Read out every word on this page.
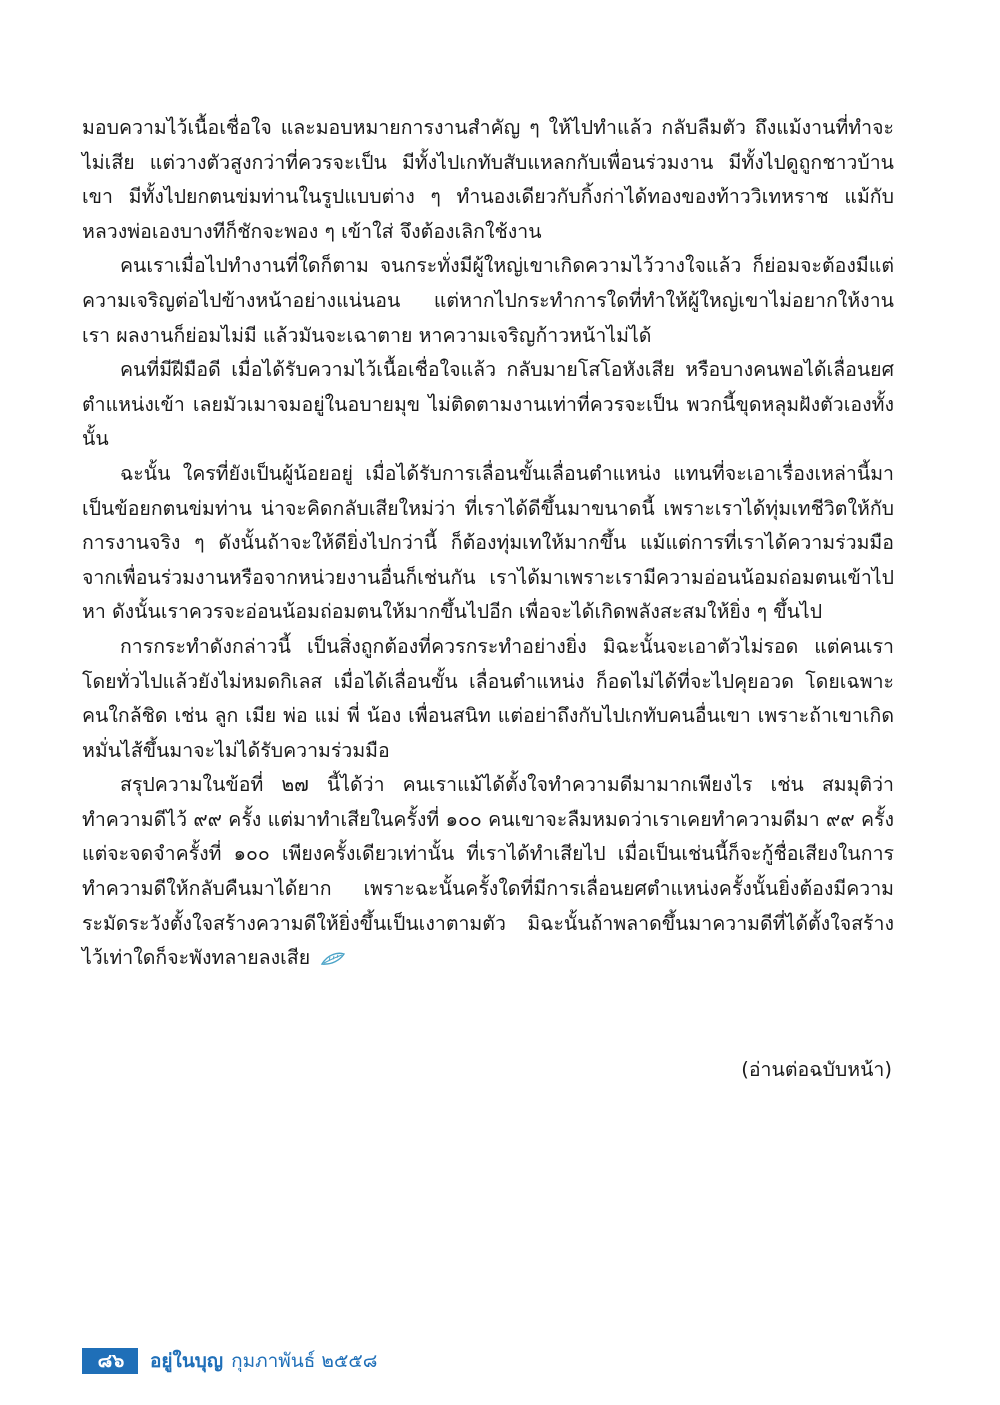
มอบความไว้เนื้อเชื่อใจ และมอบหมายการงานสำคัญ ๆ ให้ไปทำแล้ว กลับลืมตัว ถึงแม้งานที่ทำจะไม่เสีย แต่วางตัวสูงกว่าที่ควรจะเป็น มีทั้งไปเกทับสับแหลกกับเพื่อนร่วมงาน มีทั้งไปดูถูกชาวบ้านเขา มีทั้งไปยกตนข่มท่านในรูปแบบต่าง ๆ ทำนองเดียวกับกิ้งก่าได้ทองของท้าววิเทหราช แม้กับหลวงพ่อเองบางทีก็ชักจะพอง ๆ เข้าใส่ จึงต้องเลิกใช้งาน

คนเราเมื่อไปทำงานที่ใดก็ตาม จนกระทั่งมีผู้ใหญ่เขาเกิดความไว้วางใจแล้ว ก็ย่อมจะต้องมีแต่ความเจริญต่อไปข้างหน้าอย่างแน่นอน แต่หากไปกระทำการใดที่ทำให้ผู้ใหญ่เขาไม่อยากให้งานเรา ผลงานก็ย่อมไม่มี แล้วมันจะเฉาตาย หาความเจริญก้าวหน้าไม่ได้

คนที่มีฝีมือดี เมื่อได้รับความไว้เนื้อเชื่อใจแล้ว กลับมายโสโอหังเสีย หรือบางคนพอได้เลื่อนยศตำแหน่งเข้า เลยมัวเมาจมอยู่ในอบายมุข ไม่ติดตามงานเท่าที่ควรจะเป็น พวกนี้ขุดหลุมฝังตัวเองทั้งนั้น

ฉะนั้น ใครที่ยังเป็นผู้น้อยอยู่ เมื่อได้รับการเลื่อนขั้นเลื่อนตำแหน่ง แทนที่จะเอาเรื่องเหล่านี้มาเป็นข้อยกตนข่มท่าน น่าจะคิดกลับเสียใหม่ว่า ที่เราได้ดีขึ้นมาขนาดนี้ เพราะเราได้ทุ่มเทชีวิตให้กับการงานจริง ๆ ดังนั้นถ้าจะให้ดียิ่งไปกว่านี้ ก็ต้องทุ่มเทให้มากขึ้น แม้แต่การที่เราได้ความร่วมมือจากเพื่อนร่วมงานหรือจากหน่วยงานอื่นก็เช่นกัน เราได้มาเพราะเรามีความอ่อนน้อมถ่อมตนเข้าไปหา ดังนั้นเราควรจะอ่อนน้อมถ่อมตนให้มากขึ้นไปอีก เพื่อจะได้เกิดพลังสะสมให้ยิ่ง ๆ ขึ้นไป

การกระทำดังกล่าวนี้ เป็นสิ่งถูกต้องที่ควรกระทำอย่างยิ่ง มิฉะนั้นจะเอาตัวไม่รอด แต่คนเราโดยทั่วไปแล้วยังไม่หมดกิเลส เมื่อได้เลื่อนขั้น เลื่อนตำแหน่ง ก็อดไม่ได้ที่จะไปคุยอวด โดยเฉพาะคนใกล้ชิด เช่น ลูก เมีย พ่อ แม่ พี่ น้อง เพื่อนสนิท แต่อย่าถึงกับไปเกทับคนอื่นเขา เพราะถ้าเขาเกิดหมั่นไส้ขึ้นมาจะไม่ได้รับความร่วมมือ

สรุปความในข้อที่ ๒๗ นี้ได้ว่า คนเราแม้ได้ตั้งใจทำความดีมามากเพียงไร เช่น สมมุติว่าทำความดีไว้ ๙๙ ครั้ง แต่มาทำเสียในครั้งที่ ๑๐๐ คนเขาจะลืมหมดว่าเราเคยทำความดีมา ๙๙ ครั้ง แต่จะจดจำครั้งที่ ๑๐๐ เพียงครั้งเดียวเท่านั้น ที่เราได้ทำเสียไป เมื่อเป็นเช่นนี้ก็จะกู้ชื่อเสียงในการทำความดีให้กลับคืนมาได้ยาก เพราะฉะนั้นครั้งใดที่มีการเลื่อนยศตำแหน่งครั้งนั้นยิ่งต้องมีความระมัดระวังตั้งใจสร้างความดีให้ยิ่งขึ้นเป็นเงาตามตัว มิฉะนั้นถ้าพลาดขึ้นมาความดีที่ได้ตั้งใจสร้างไว้เท่าใดก็จะพังทลายลงเสีย

(อ่านต่อฉบับหน้า)
๘๖	อยู่ในบุญ กุมภาพันธ์ ๒๕๕๘
